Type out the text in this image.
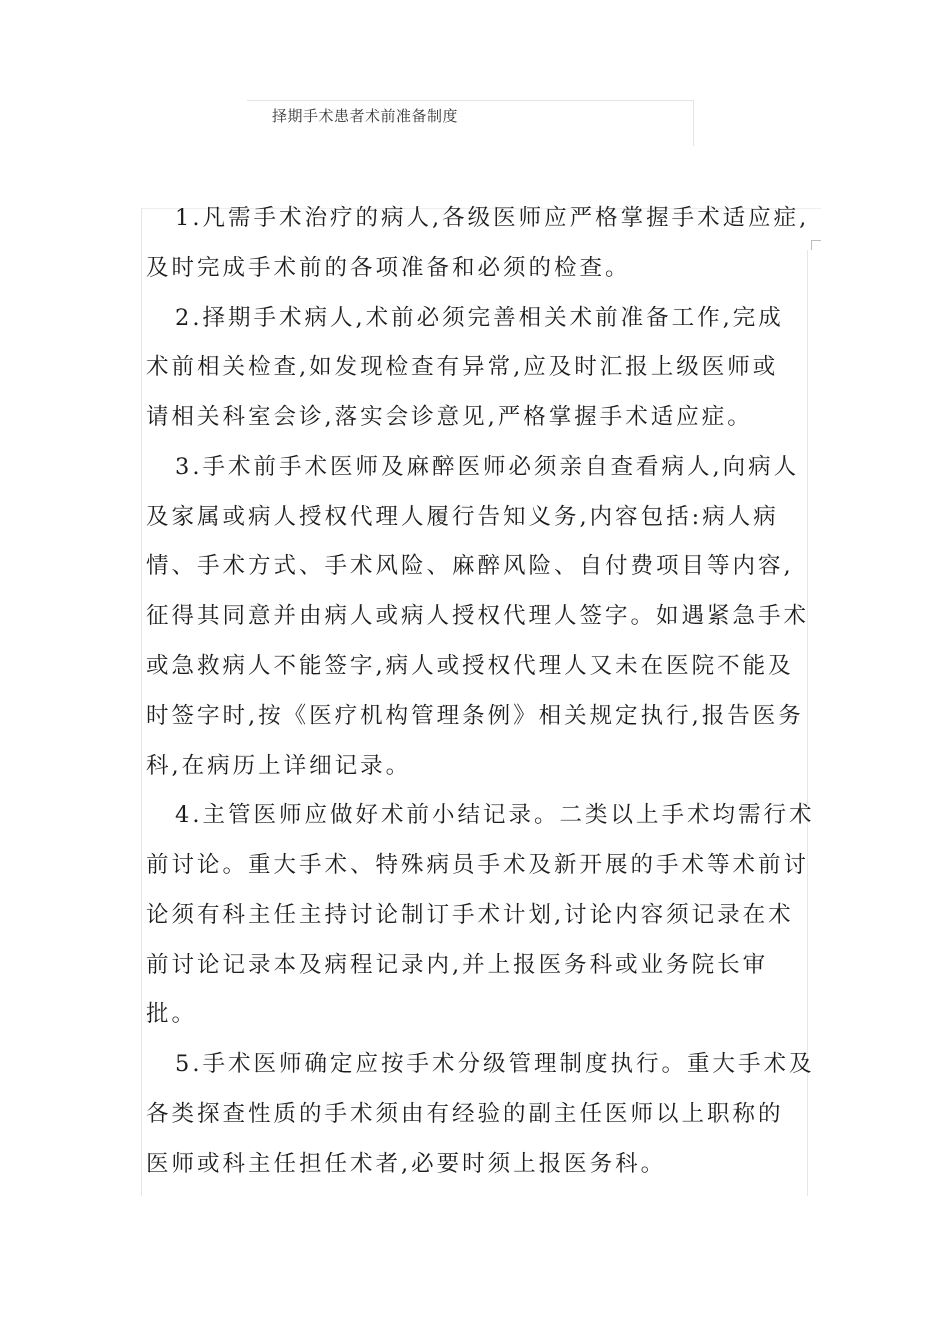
择期手术患者术前准备制度
1.凡需手术治疗的病人,各级医师应严格掌握手术适应症,
及时完成手术前的各项准备和必须的检查。
2.择期手术病人,术前必须完善相关术前准备工作,完成
术前相关检查,如发现检查有异常,应及时汇报上级医师或
请相关科室会诊,落实会诊意见,严格掌握手术适应症。
3.手术前手术医师及麻醉医师必须亲自查看病人,向病人
及家属或病人授权代理人履行告知义务,内容包括:病人病
情、手术方式、手术风险、麻醉风险、自付费项目等内容,
征得其同意并由病人或病人授权代理人签字。如遇紧急手术
或急救病人不能签字,病人或授权代理人又未在医院不能及
时签字时,按《医疗机构管理条例》相关规定执行,报告医务
科,在病历上详细记录。
4.主管医师应做好术前小结记录。二类以上手术均需行术
前讨论。重大手术、特殊病员手术及新开展的手术等术前讨
论须有科主任主持讨论制订手术计划,讨论内容须记录在术
前讨论记录本及病程记录内,并上报医务科或业务院长审
批。
5.手术医师确定应按手术分级管理制度执行。重大手术及
各类探查性质的手术须由有经验的副主任医师以上职称的
医师或科主任担任术者,必要时须上报医务科。
